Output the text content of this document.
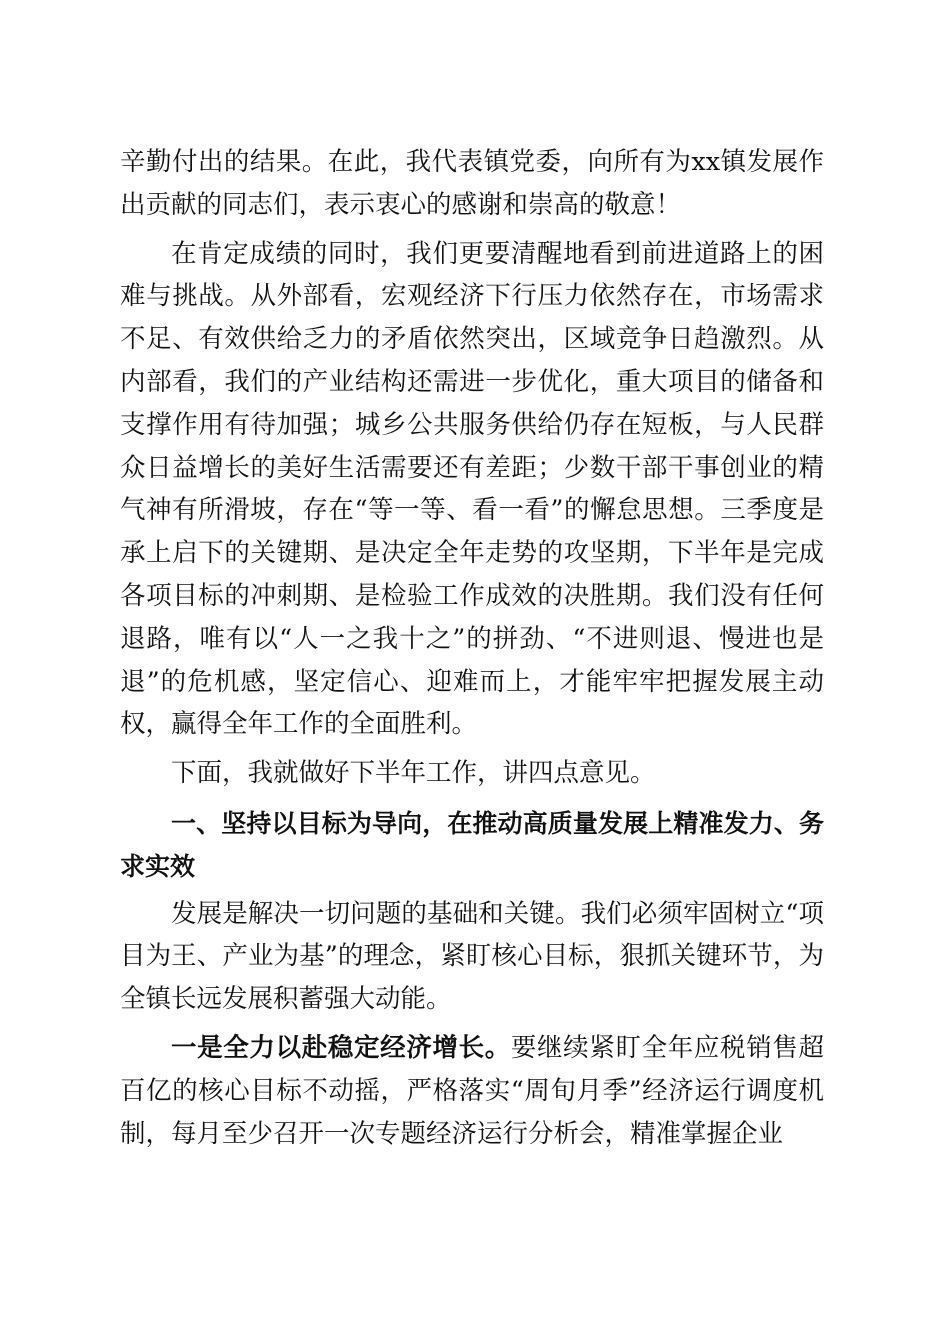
辛勤付出的结果。在此，我代表镇党委，向所有为xx镇发展作出贡献的同志们，表示衷心的感谢和崇高的敬意！

在肯定成绩的同时，我们更要清醒地看到前进道路上的困难与挑战。从外部看，宏观经济下行压力依然存在，市场需求不足、有效供给乏力的矛盾依然突出，区域竞争日趋激烈。从内部看，我们的产业结构还需进一步优化，重大项目的储备和支撑作用有待加强；城乡公共服务供给仍存在短板，与人民群众日益增长的美好生活需要还有差距；少数干部干事创业的精气神有所滑坡，存在“等一等、看一看”的懈怠思想。三季度是承上启下的关键期、是决定全年走势的攻坚期，下半年是完成各项目标的冲刺期、是检验工作成效的决胜期。我们没有任何退路，唯有以“人一之我十之”的拼劲、“不进则退、慢进也是退”的危机感，坚定信心、迎难而上，才能牢牢把握发展主动权，赢得全年工作的全面胜利。

下面，我就做好下半年工作，讲四点意见。

一、坚持以目标为导向，在推动高质量发展上精准发力、务求实效

发展是解决一切问题的基础和关键。我们必须牢固树立“项目为王、产业为基”的理念，紧盯核心目标，狠抓关键环节，为全镇长远发展积蓄强大动能。

一是全力以赴稳定经济增长。要继续紧盯全年应税销售超百亿的核心目标不动摇，严格落实“周旬月季”经济运行调度机制，每月至少召开一次专题经济运行分析会，精准掌握企业
